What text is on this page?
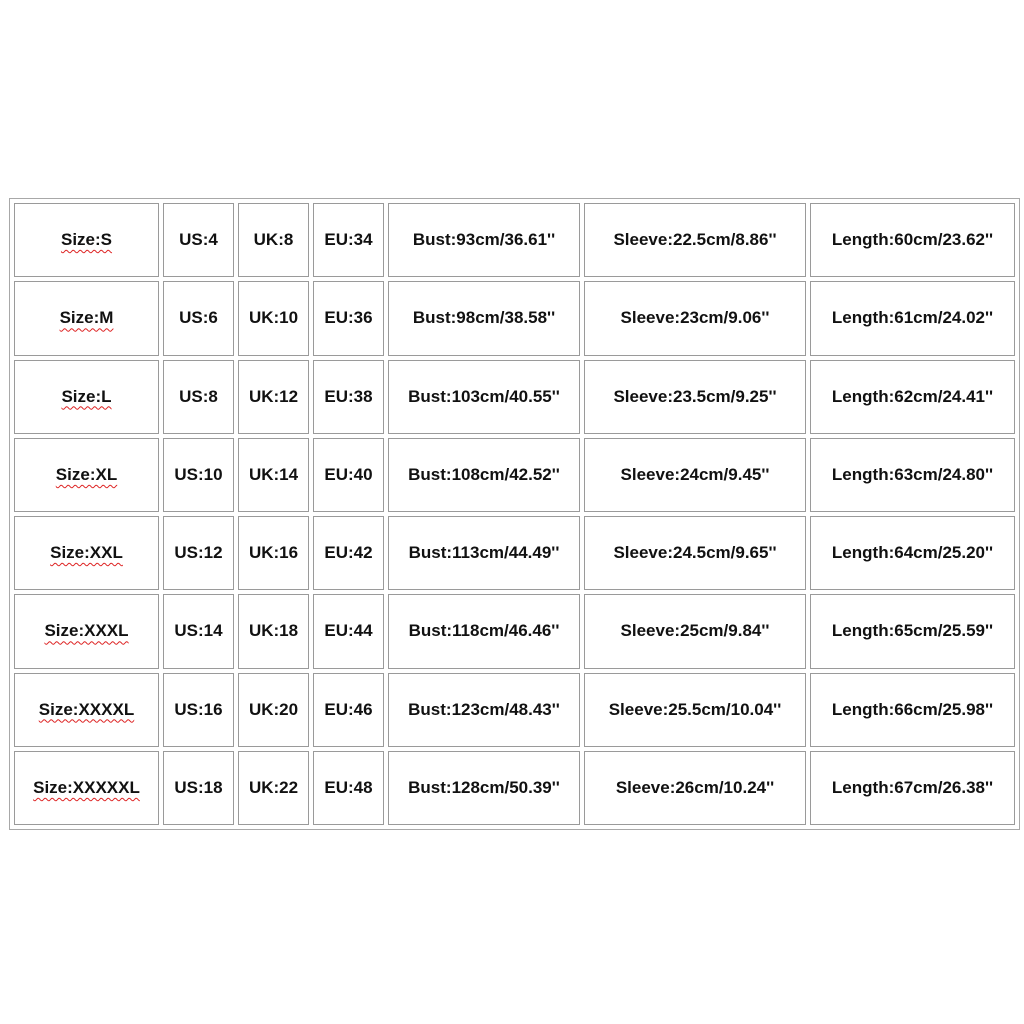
Size:S	US:4	UK:8	EU:34	Bust:93cm/36.61''	Sleeve:22.5cm/8.86''	Length:60cm/23.62''
Size:M	US:6	UK:10	EU:36	Bust:98cm/38.58''	Sleeve:23cm/9.06''	Length:61cm/24.02''
Size:L	US:8	UK:12	EU:38	Bust:103cm/40.55''	Sleeve:23.5cm/9.25''	Length:62cm/24.41''
Size:XL	US:10	UK:14	EU:40	Bust:108cm/42.52''	Sleeve:24cm/9.45''	Length:63cm/24.80''
Size:XXL	US:12	UK:16	EU:42	Bust:113cm/44.49''	Sleeve:24.5cm/9.65''	Length:64cm/25.20''
Size:XXXL	US:14	UK:18	EU:44	Bust:118cm/46.46''	Sleeve:25cm/9.84''	Length:65cm/25.59''
Size:XXXXL	US:16	UK:20	EU:46	Bust:123cm/48.43''	Sleeve:25.5cm/10.04''	Length:66cm/25.98''
Size:XXXXXL	US:18	UK:22	EU:48	Bust:128cm/50.39''	Sleeve:26cm/10.24''	Length:67cm/26.38''
